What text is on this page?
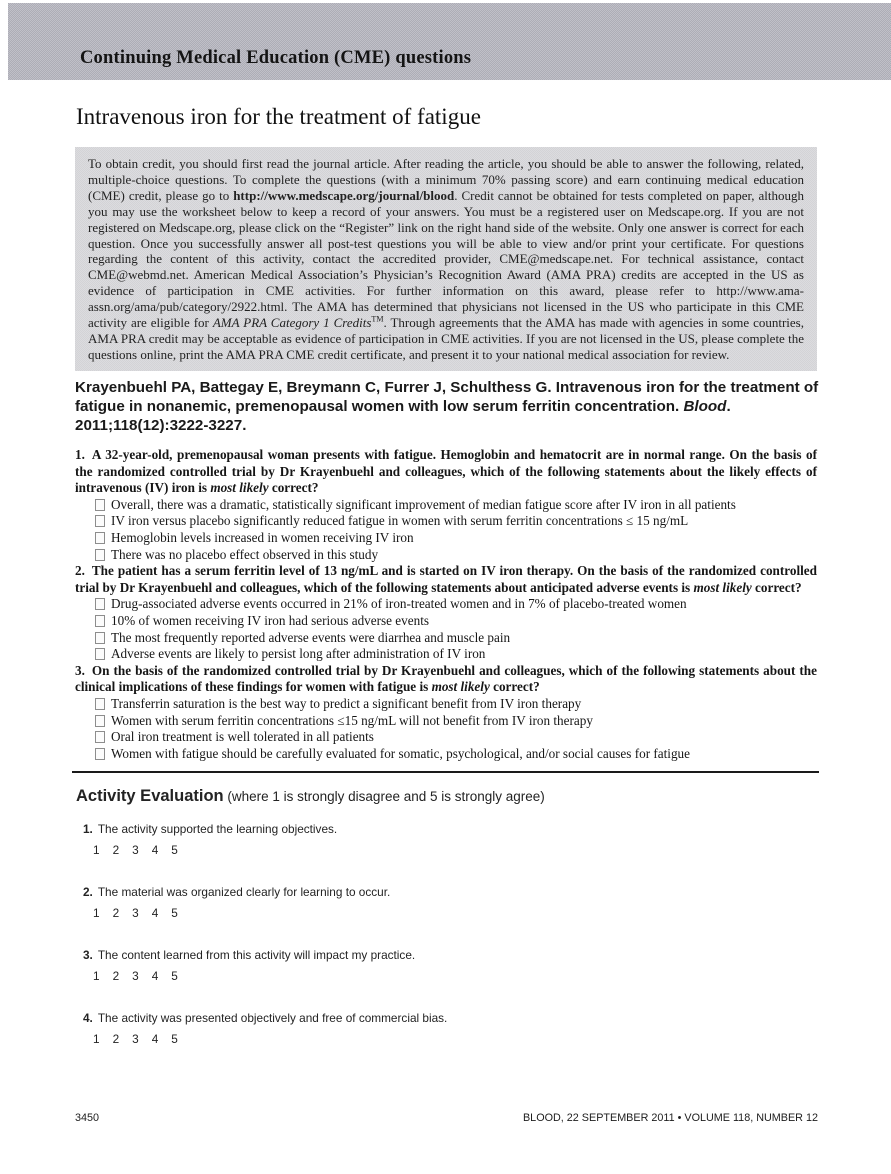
Continuing Medical Education (CME) questions
Intravenous iron for the treatment of fatigue
To obtain credit, you should first read the journal article. After reading the article, you should be able to answer the following, related, multiple-choice questions. To complete the questions (with a minimum 70% passing score) and earn continuing medical education (CME) credit, please go to http://www.medscape.org/journal/blood. Credit cannot be obtained for tests completed on paper, although you may use the worksheet below to keep a record of your answers. You must be a registered user on Medscape.org. If you are not registered on Medscape.org, please click on the “Register” link on the right hand side of the website. Only one answer is correct for each question. Once you successfully answer all post-test questions you will be able to view and/or print your certificate. For questions regarding the content of this activity, contact the accredited provider, CME@medscape.net. For technical assistance, contact CME@webmd.net. American Medical Association’s Physician’s Recognition Award (AMA PRA) credits are accepted in the US as evidence of participation in CME activities. For further information on this award, please refer to http://www.ama-assn.org/ama/pub/category/2922.html. The AMA has determined that physicians not licensed in the US who participate in this CME activity are eligible for AMA PRA Category 1 Credits™. Through agreements that the AMA has made with agencies in some countries, AMA PRA credit may be acceptable as evidence of participation in CME activities. If you are not licensed in the US, please complete the questions online, print the AMA PRA CME credit certificate, and present it to your national medical association for review.

Krayenbuehl PA, Battegay E, Breymann C, Furrer J, Schulthess G. Intravenous iron for the treatment of fatigue in nonanemic, premenopausal women with low serum ferritin concentration. Blood. 2011;118(12):3222-3227.

1. A 32-year-old, premenopausal woman presents with fatigue. Hemoglobin and hematocrit are in normal range. On the basis of the randomized controlled trial by Dr Krayenbuehl and colleagues, which of the following statements about the likely effects of intravenous (IV) iron is most likely correct?

Overall, there was a dramatic, statistically significant improvement of median fatigue score after IV iron in all patients
IV iron versus placebo significantly reduced fatigue in women with serum ferritin concentrations ≤ 15 ng/mL
Hemoglobin levels increased in women receiving IV iron
There was no placebo effect observed in this study

2. The patient has a serum ferritin level of 13 ng/mL and is started on IV iron therapy. On the basis of the randomized controlled trial by Dr Krayenbuehl and colleagues, which of the following statements about anticipated adverse events is most likely correct?

Drug-associated adverse events occurred in 21% of iron-treated women and in 7% of placebo-treated women
10% of women receiving IV iron had serious adverse events
The most frequently reported adverse events were diarrhea and muscle pain
Adverse events are likely to persist long after administration of IV iron

3. On the basis of the randomized controlled trial by Dr Krayenbuehl and colleagues, which of the following statements about the clinical implications of these findings for women with fatigue is most likely correct?

Transferrin saturation is the best way to predict a significant benefit from IV iron therapy
Women with serum ferritin concentrations ≤15 ng/mL will not benefit from IV iron therapy
Oral iron treatment is well tolerated in all patients
Women with fatigue should be carefully evaluated for somatic, psychological, and/or social causes for fatigue
Activity Evaluation (where 1 is strongly disagree and 5 is strongly agree)
1. The activity supported the learning objectives.
1 2 3 4 5
2. The material was organized clearly for learning to occur.
1 2 3 4 5
3. The content learned from this activity will impact my practice.
1 2 3 4 5
4. The activity was presented objectively and free of commercial bias.
1 2 3 4 5
3450	BLOOD, 22 SEPTEMBER 2011 • VOLUME 118, NUMBER 12
